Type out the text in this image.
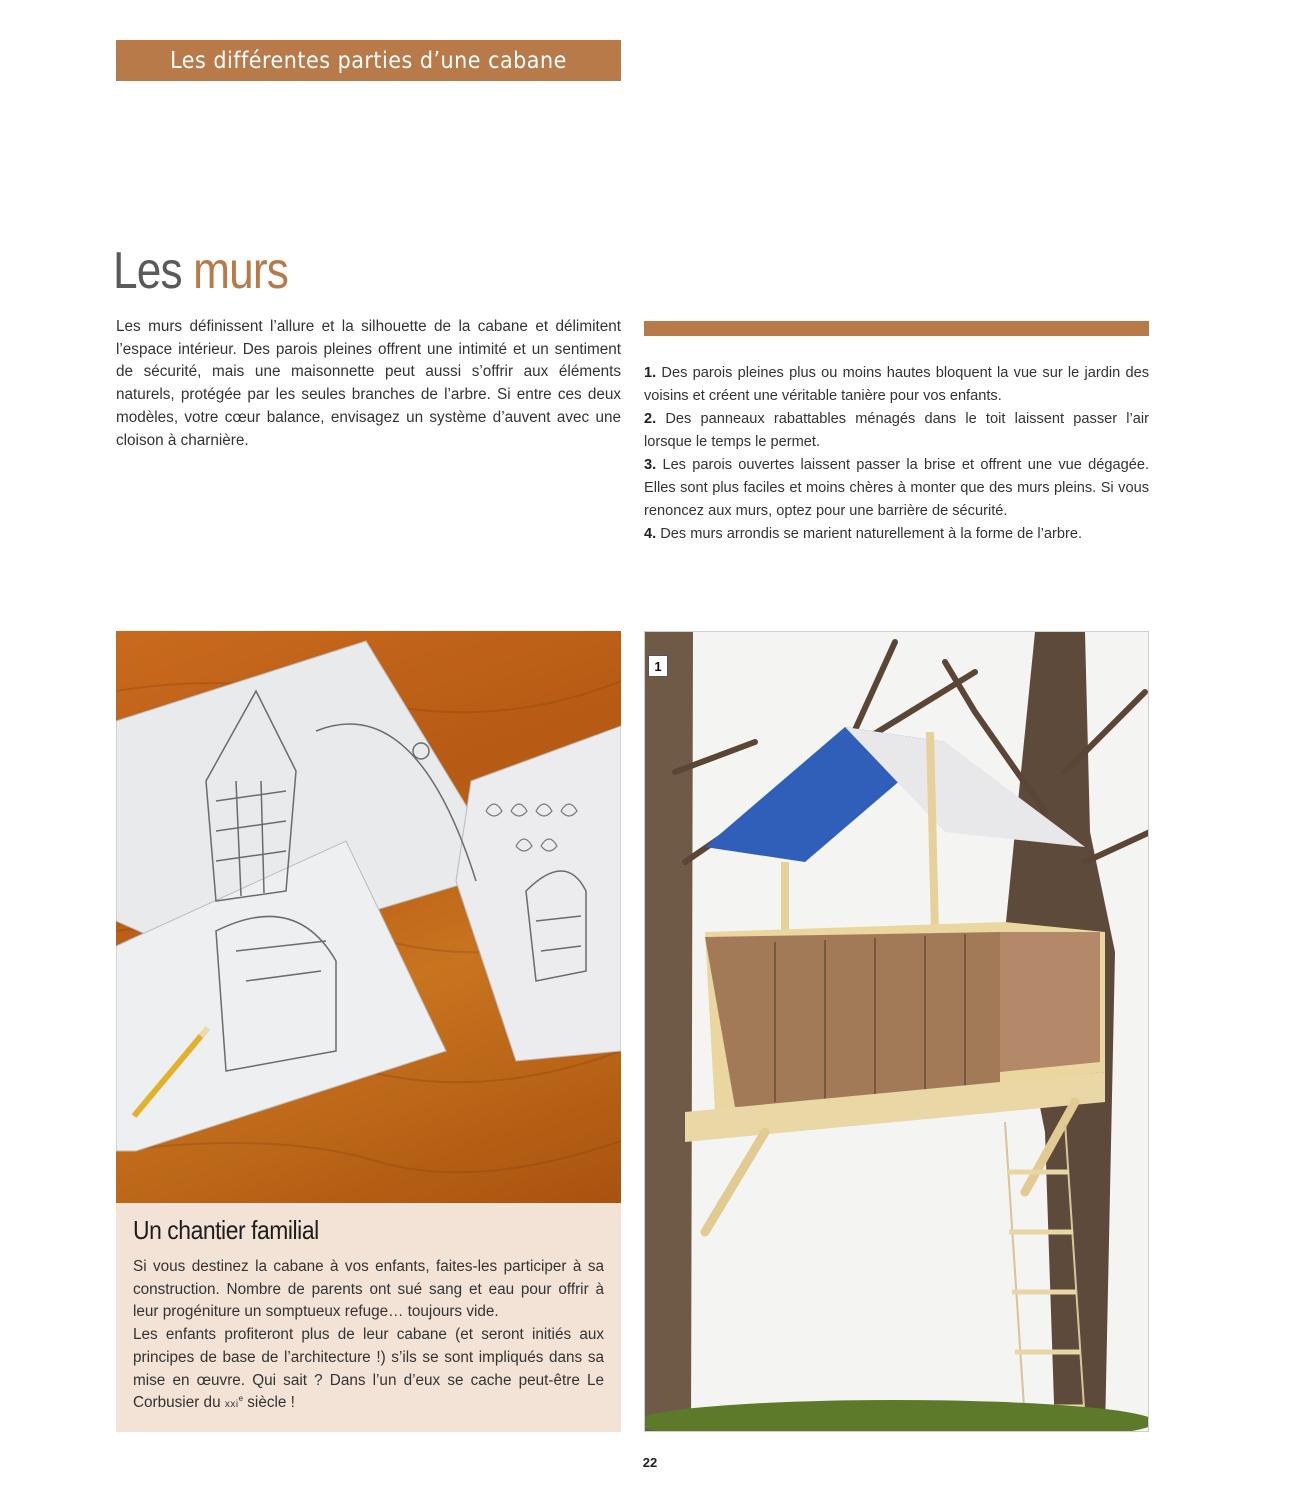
Les différentes parties d’une cabane
Les murs
Les murs définissent l’allure et la silhouette de la cabane et délimitent l’espace intérieur. Des parois pleines offrent une intimité et un sentiment de sécurité, mais une maisonnette peut aussi s’offrir aux éléments naturels, protégée par les seules branches de l’arbre. Si entre ces deux modèles, votre cœur balance, envisagez un système d’auvent avec une cloison à charnière.
1. Des parois pleines plus ou moins hautes bloquent la vue sur le jardin des voisins et créent une véritable tanière pour vos enfants.
2. Des panneaux rabattables ménagés dans le toit laissent passer l’air lorsque le temps le permet.
3. Les parois ouvertes laissent passer la brise et offrent une vue dégagée. Elles sont plus faciles et moins chères à monter que des murs pleins. Si vous renoncez aux murs, optez pour une barrière de sécurité.
4. Des murs arrondis se marient naturellement à la forme de l’arbre.
1
Un chantier familial

Si vous destinez la cabane à vos enfants, faites-les participer à sa construction. Nombre de parents ont sué sang et eau pour offrir à leur progéniture un somptueux refuge… toujours vide.

Les enfants profiteront plus de leur cabane (et seront initiés aux principes de base de l’architecture !) s’ils se sont impliqués dans sa mise en œuvre. Qui sait ? Dans l’un d’eux se cache peut-être Le Corbusier du xxi$^e$ siècle !

22
